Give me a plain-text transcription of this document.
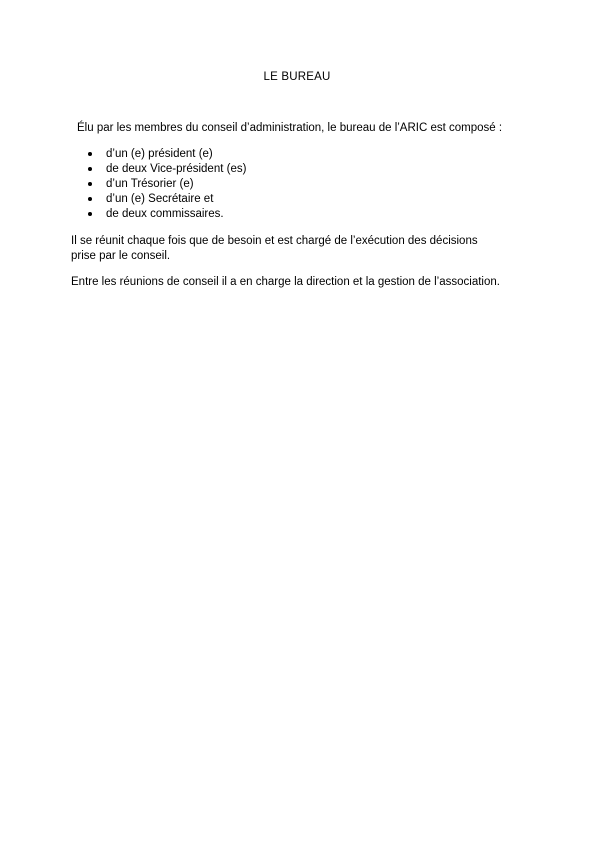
LE BUREAU
Élu par les membres du conseil d’administration, le bureau de l’ARIC est composé :
d’un (e) président (e)
de deux Vice-président (es)
d’un Trésorier (e)
d’un (e) Secrétaire et
de deux commissaires.
Il se réunit chaque fois que de besoin et est chargé de l’exécution des décisions
prise par le conseil.
Entre les réunions de conseil il a en charge la direction et la gestion de l’association.
